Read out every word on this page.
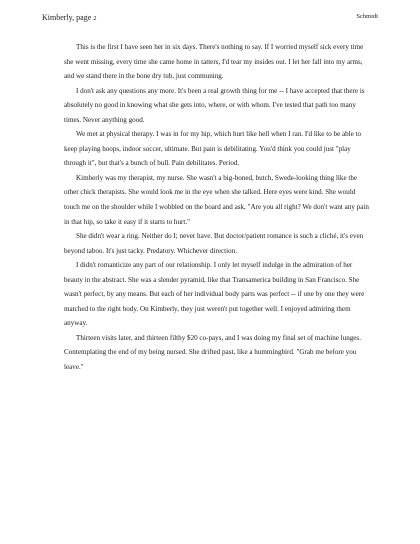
Kimberly, page 2	Schmidt

This is the first I have seen her in six days. There's nothing to say. If I worried myself sick every time she went missing, every time she came home in tatters, I'd tear my insides out. I let her fall into my arms, and we stand there in the bone dry tub, just communing.

I don't ask any questions any more. It's been a real growth thing for me -- I have accepted that there is absolutely no good in knowing what she gets into, where, or with whom. I've tested that path too many times. Never anything good.

We met at physical therapy. I was in for my hip, which hurt like hell when I ran. I'd like to be able to keep playing hoops, indoor soccer, ultimate. But pain is debilitating. You'd think you could just "play through it", but that's a bunch of bull. Pain debilitates. Period.

Kimberly was my therapist, my nurse. She wasn't a big-boned, butch, Swede-looking thing like the other chick therapists. She would look me in the eye when she talked. Here eyes were kind. She would touch me on the shoulder while I wobbled on the board and ask, "Are you all right? We don't want any pain in that hip, so take it easy if it starts to hurt."

She didn't wear a ring. Neither do I; never have. But doctor/patient romance is such a cliché, it's even beyond taboo. It's just tacky. Predatory. Whichever direction.

I didn't romanticize any part of our relationship. I only let myself indulge in the admiration of her beauty in the abstract. She was a slender pyramid, like that Transamerica building in San Francisco. She wasn't perfect, by any means. But each of her individual body parts was perfect -- if one by one they were matched to the right body. On Kimberly, they just weren't put together well. I enjoyed admiring them anyway.

Thirteen visits later, and thirteen filthy $20 co-pays, and I was doing my final set of machine lunges. Contemplating the end of my being nursed. She drifted past, like a hummingbird. "Grab me before you leave."
